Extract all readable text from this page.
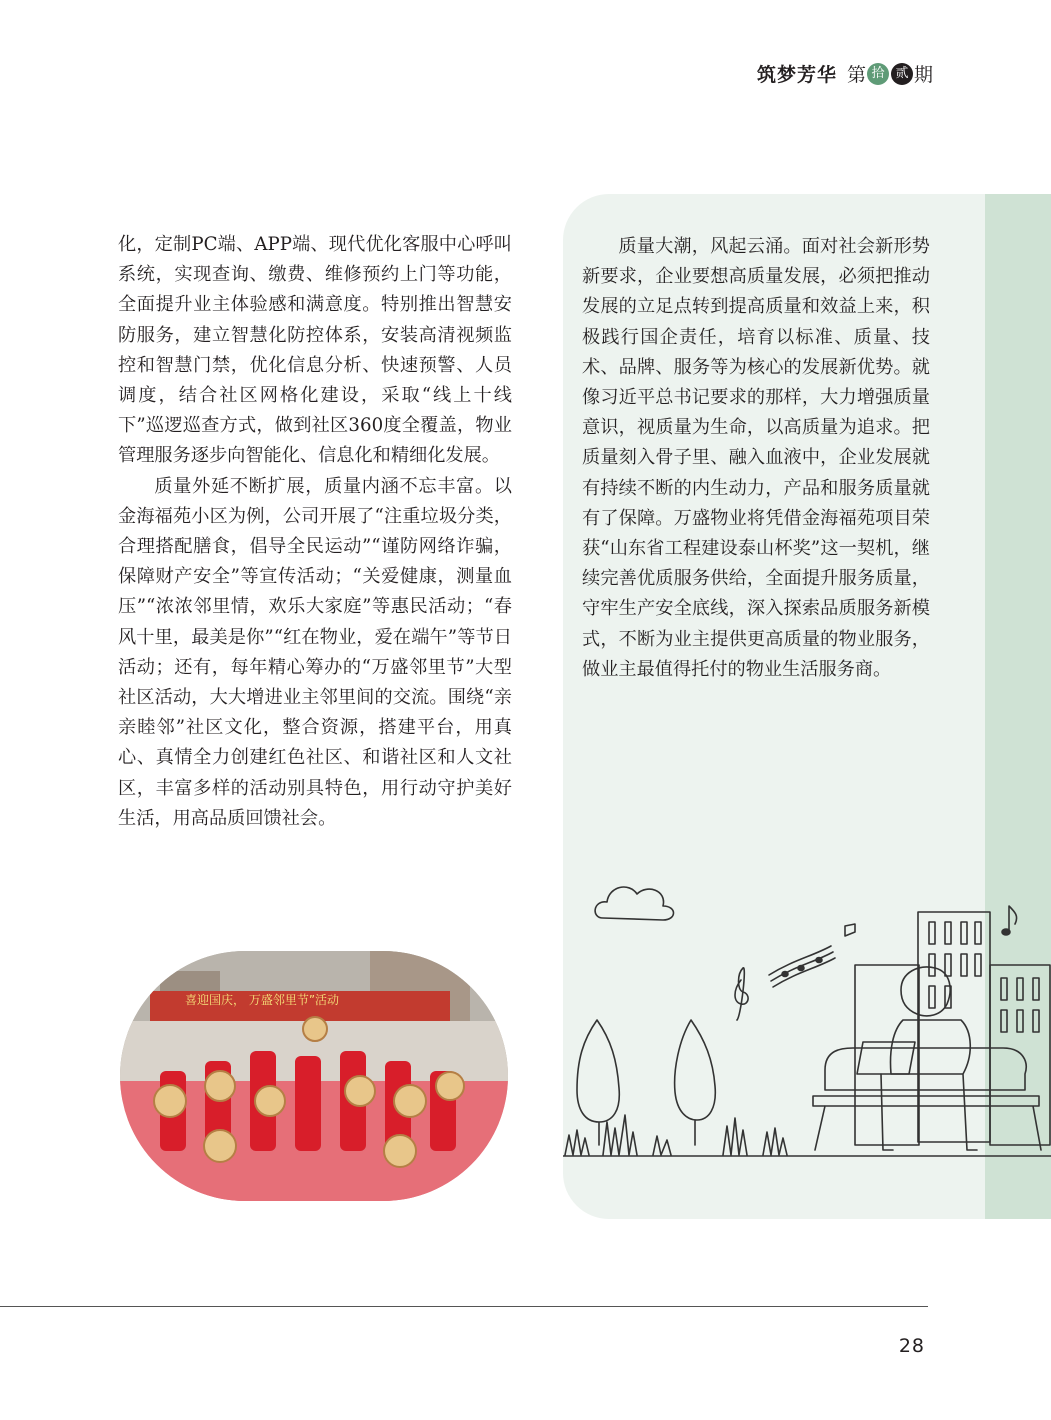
筑梦芳华 第 拾 贰 期

化，定制PC端、APP端、现代优化客服中心呼叫系统，实现查询、缴费、维修预约上门等功能，全面提升业主体验感和满意度。特别推出智慧安防服务，建立智慧化防控体系，安装高清视频监控和智慧门禁，优化信息分析、快速预警、人员调度，结合社区网格化建设，采取“线上十线下”巡逻巡查方式，做到社区360度全覆盖，物业管理服务逐步向智能化、信息化和精细化发展。

质量外延不断扩展，质量内涵不忘丰富。以金海福苑小区为例，公司开展了“注重垃圾分类，合理搭配膳食，倡导全民运动”“谨防网络诈骗，保障财产安全”等宣传活动；“关爱健康，测量血压”“浓浓邻里情，欢乐大家庭”等惠民活动；“春风十里，最美是你”“红在物业，爱在端午”等节日活动；还有，每年精心筹办的“万盛邻里节”大型社区活动，大大增进业主邻里间的交流。围绕“亲亲睦邻”社区文化，整合资源，搭建平台，用真心、真情全力创建红色社区、和谐社区和人文社区，丰富多样的活动别具特色，用行动守护美好生活，用高品质回馈社会。

质量大潮，风起云涌。面对社会新形势新要求，企业要想高质量发展，必须把推动发展的立足点转到提高质量和效益上来，积极践行国企责任，培育以标准、质量、技术、品牌、服务等为核心的发展新优势。就像习近平总书记要求的那样，大力增强质量意识，视质量为生命，以高质量为追求。把质量刻入骨子里、融入血液中，企业发展就有持续不断的内生动力，产品和服务质量就有了保障。万盛物业将凭借金海福苑项目荣获“山东省工程建设泰山杯奖”这一契机，继续完善优质服务供给，全面提升服务质量，守牢生产安全底线，深入探索品质服务新模式，不断为业主提供更高质量的物业服务，做业主最值得托付的物业生活服务商。

喜迎国庆， 万盛邻里节”活动
28
